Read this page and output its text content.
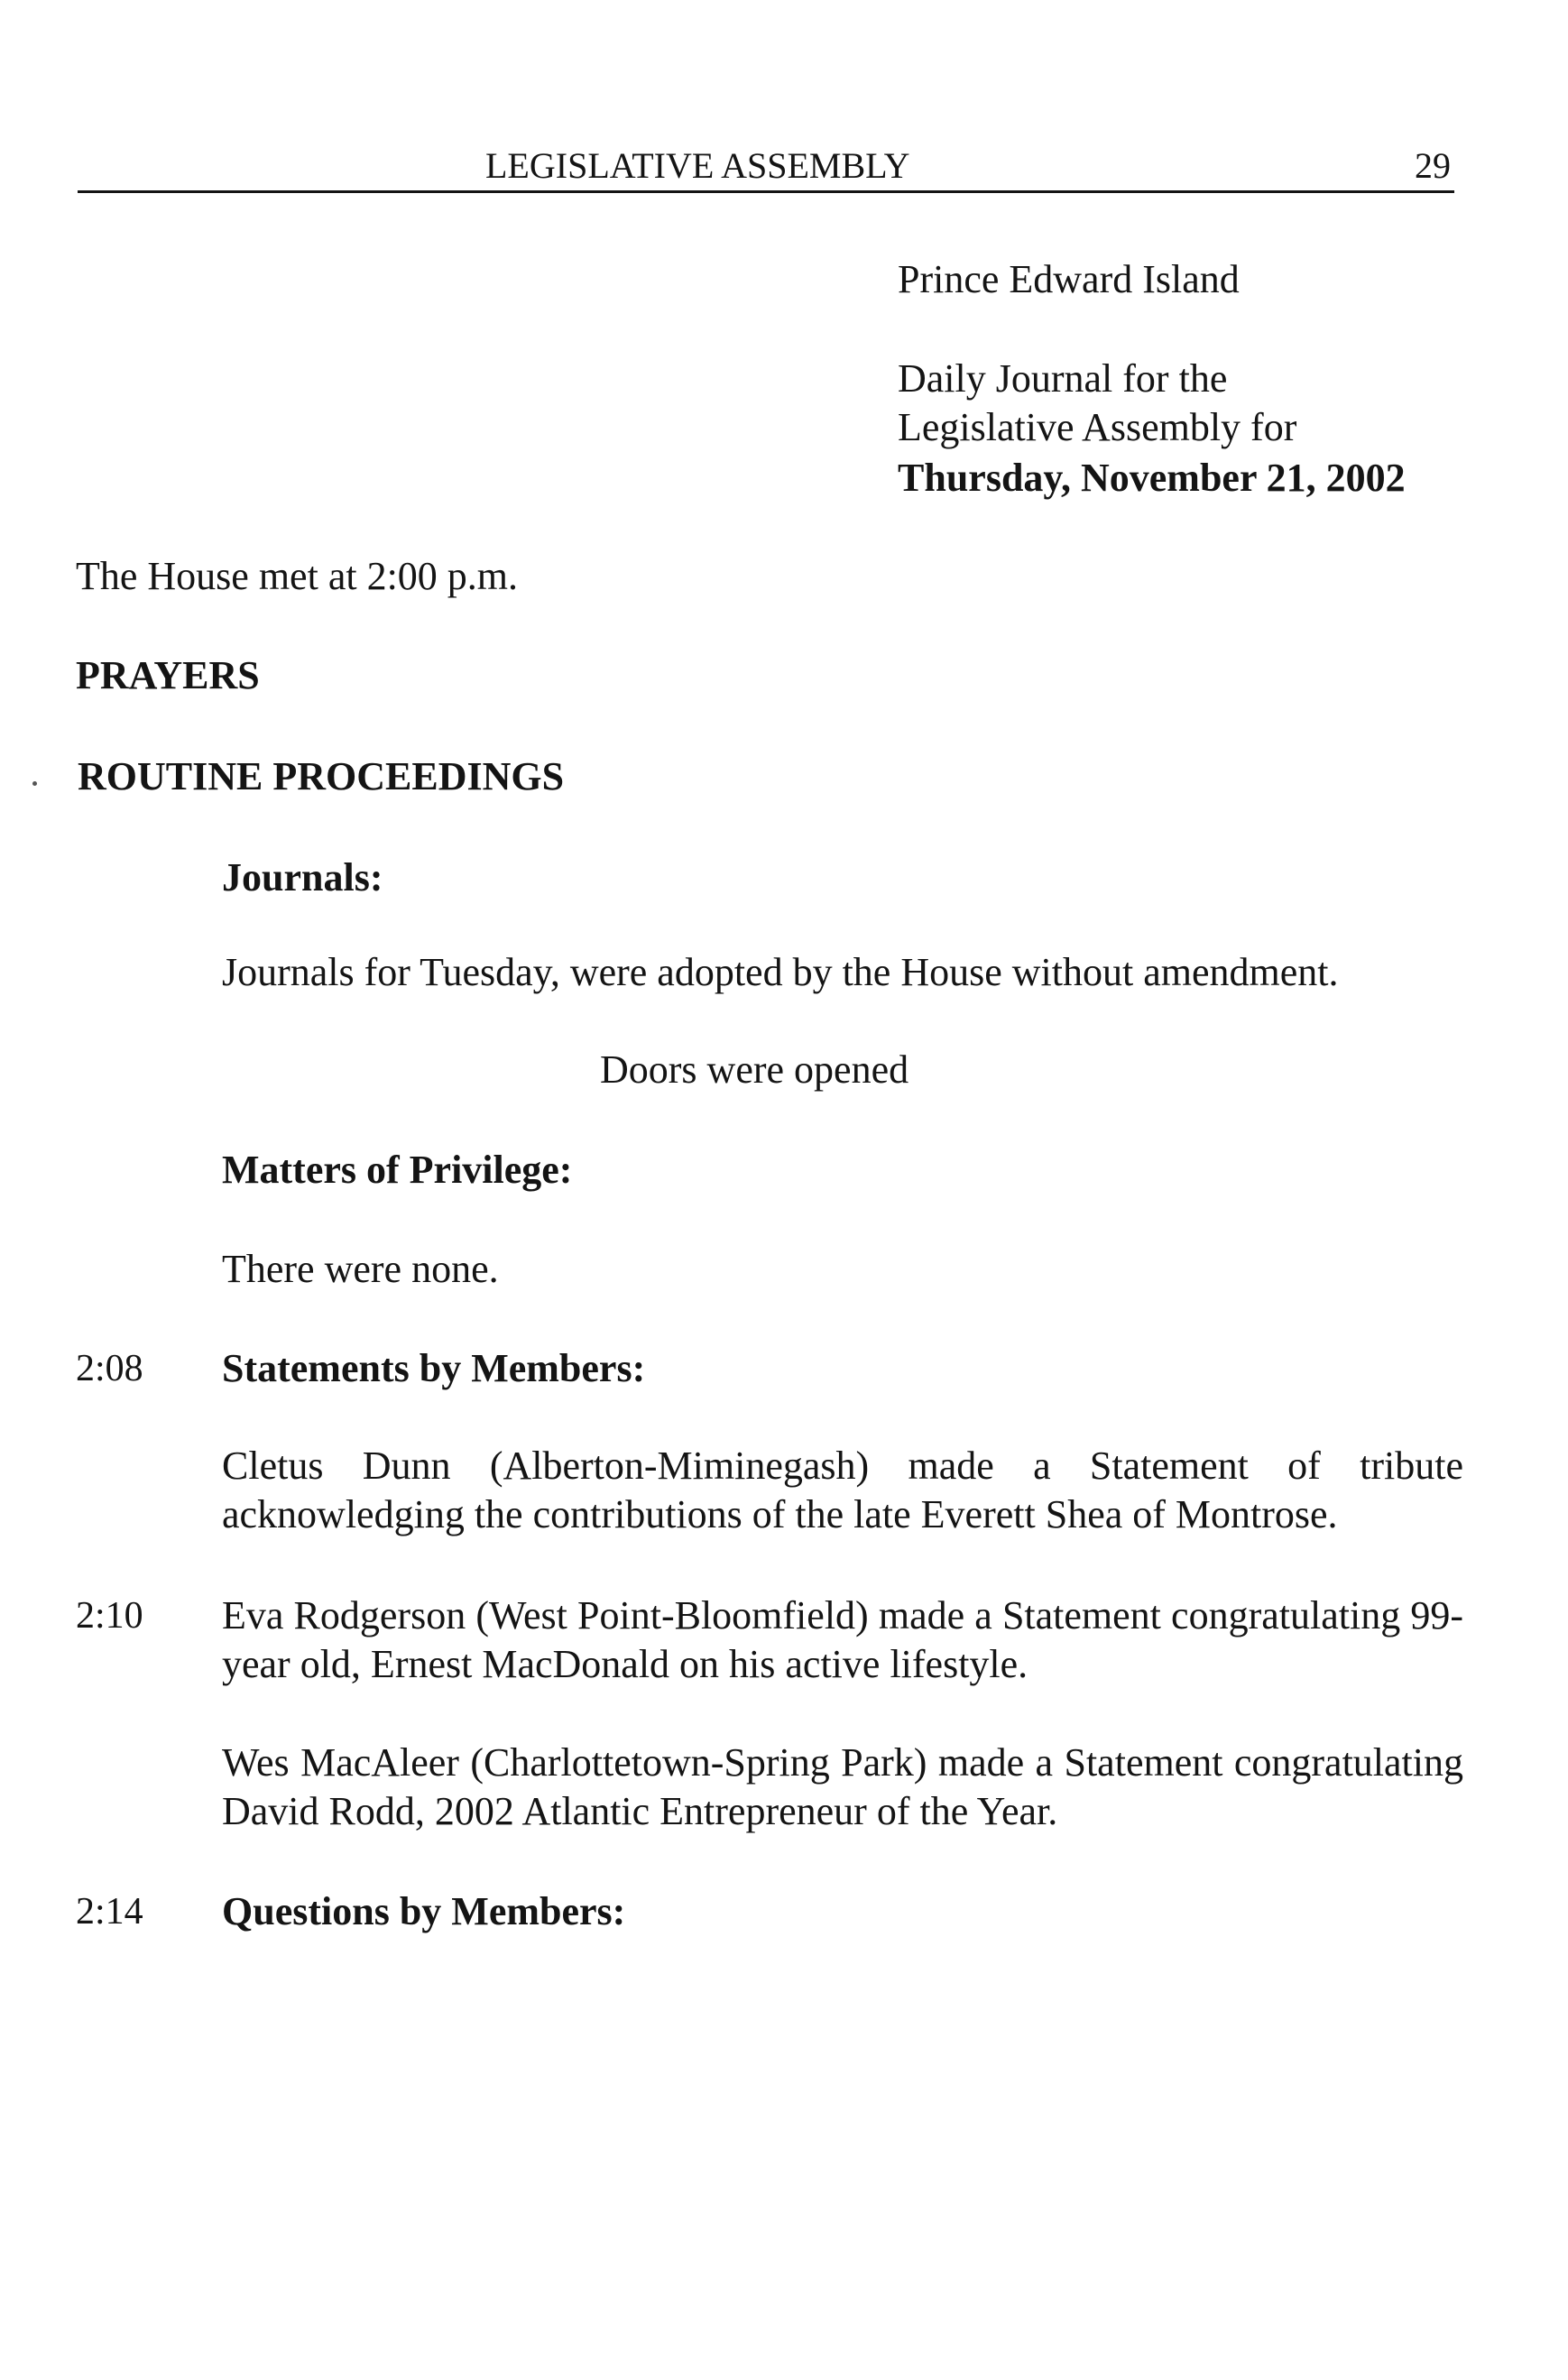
LEGISLATIVE ASSEMBLY	29
Prince Edward Island
Daily Journal for the
Legislative Assembly for
Thursday, November 21, 2002
The House met at 2:00 p.m.
PRAYERS
ROUTINE PROCEEDINGS
Journals:
Journals for Tuesday, were adopted by the House without amendment.
Doors were opened
Matters of Privilege:
There were none.
2:08 Statements by Members:
Cletus Dunn (Alberton-Miminegash) made a Statement of tribute acknowledging the contributions of the late Everett Shea of Montrose.
2:10 Eva Rodgerson (West Point-Bloomfield) made a Statement congratulating 99-year old, Ernest MacDonald on his active lifestyle.
Wes MacAleer (Charlottetown-Spring Park) made a Statement congratulating David Rodd, 2002 Atlantic Entrepreneur of the Year.
2:14 Questions by Members:
